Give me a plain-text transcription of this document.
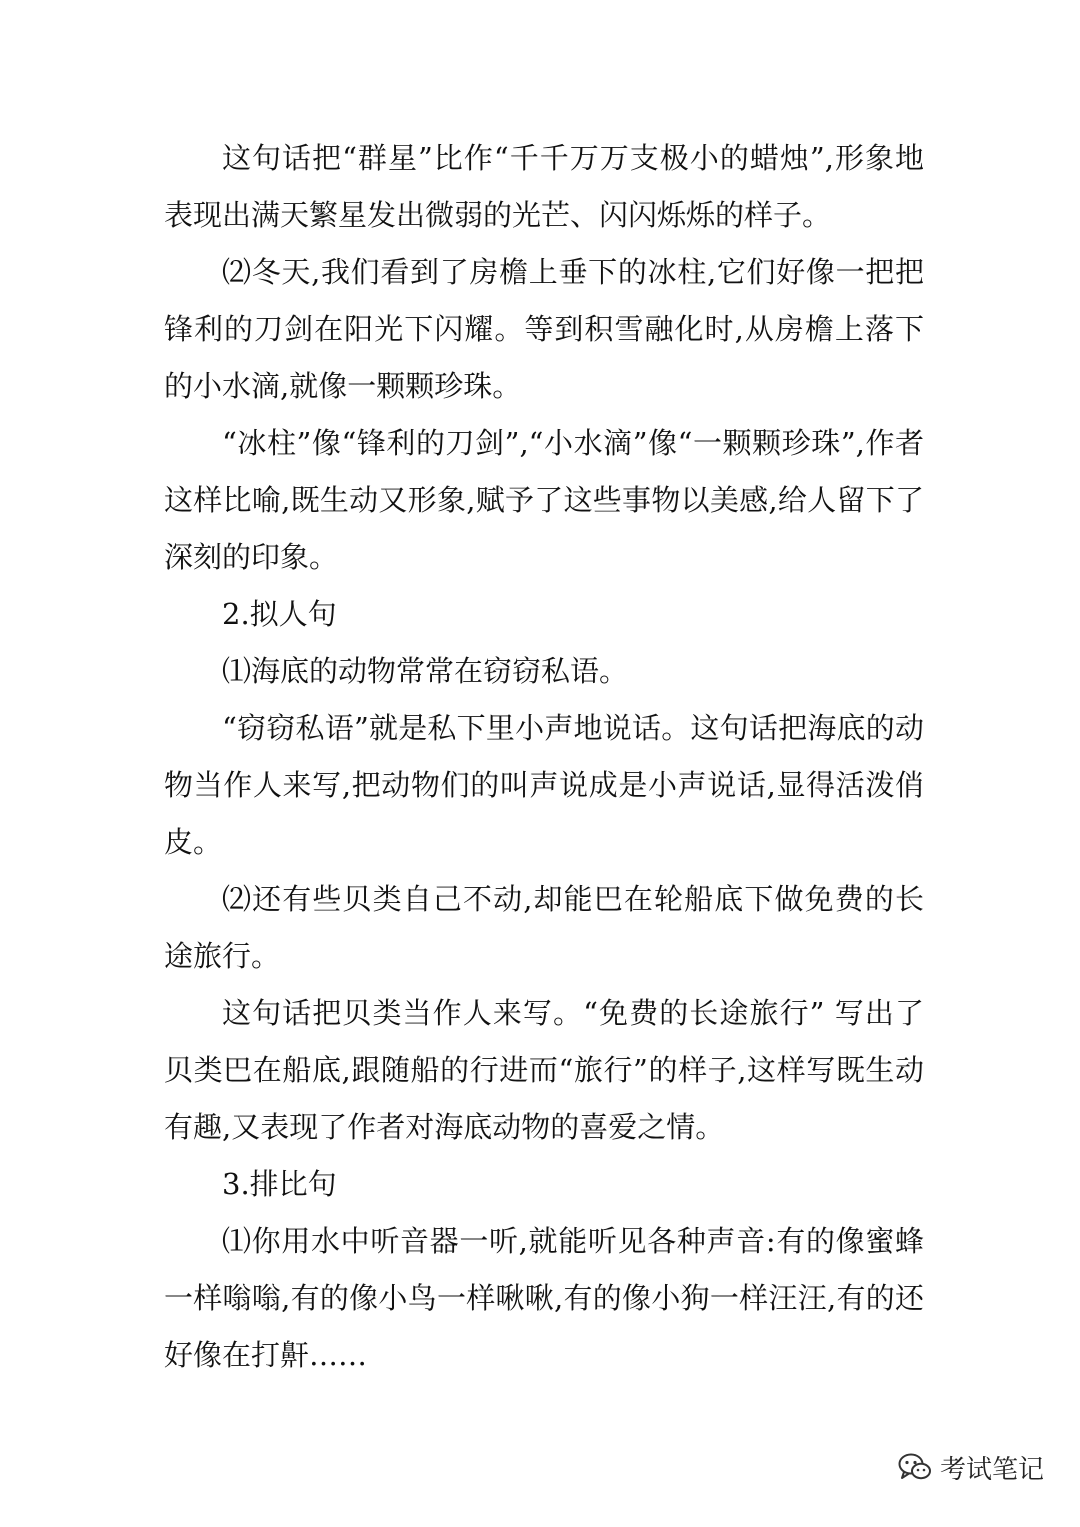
这句话把“群星”比作“千千万万支极小的蜡烛”,形象地表现出满天繁星发出微弱的光芒、闪闪烁烁的样子。

⑵冬天,我们看到了房檐上垂下的冰柱,它们好像一把把锋利的刀剑在阳光下闪耀。等到积雪融化时,从房檐上落下的小水滴,就像一颗颗珍珠。

“冰柱”像“锋利的刀剑”,“小水滴”像“一颗颗珍珠”,作者这样比喻,既生动又形象,赋予了这些事物以美感,给人留下了深刻的印象。

2.拟人句

⑴海底的动物常常在窃窃私语。

“窃窃私语”就是私下里小声地说话。这句话把海底的动物当作人来写,把动物们的叫声说成是小声说话,显得活泼俏皮。

⑵还有些贝类自己不动,却能巴在轮船底下做免费的长途旅行。

这句话把贝类当作人来写。“免费的长途旅行” 写出了贝类巴在船底,跟随船的行进而“旅行”的样子,这样写既生动有趣,又表现了作者对海底动物的喜爱之情。

3.排比句

⑴你用水中听音器一听,就能听见各种声音:有的像蜜蜂一样嗡嗡,有的像小鸟一样啾啾,有的像小狗一样汪汪,有的还好像在打鼾……

考试笔记
